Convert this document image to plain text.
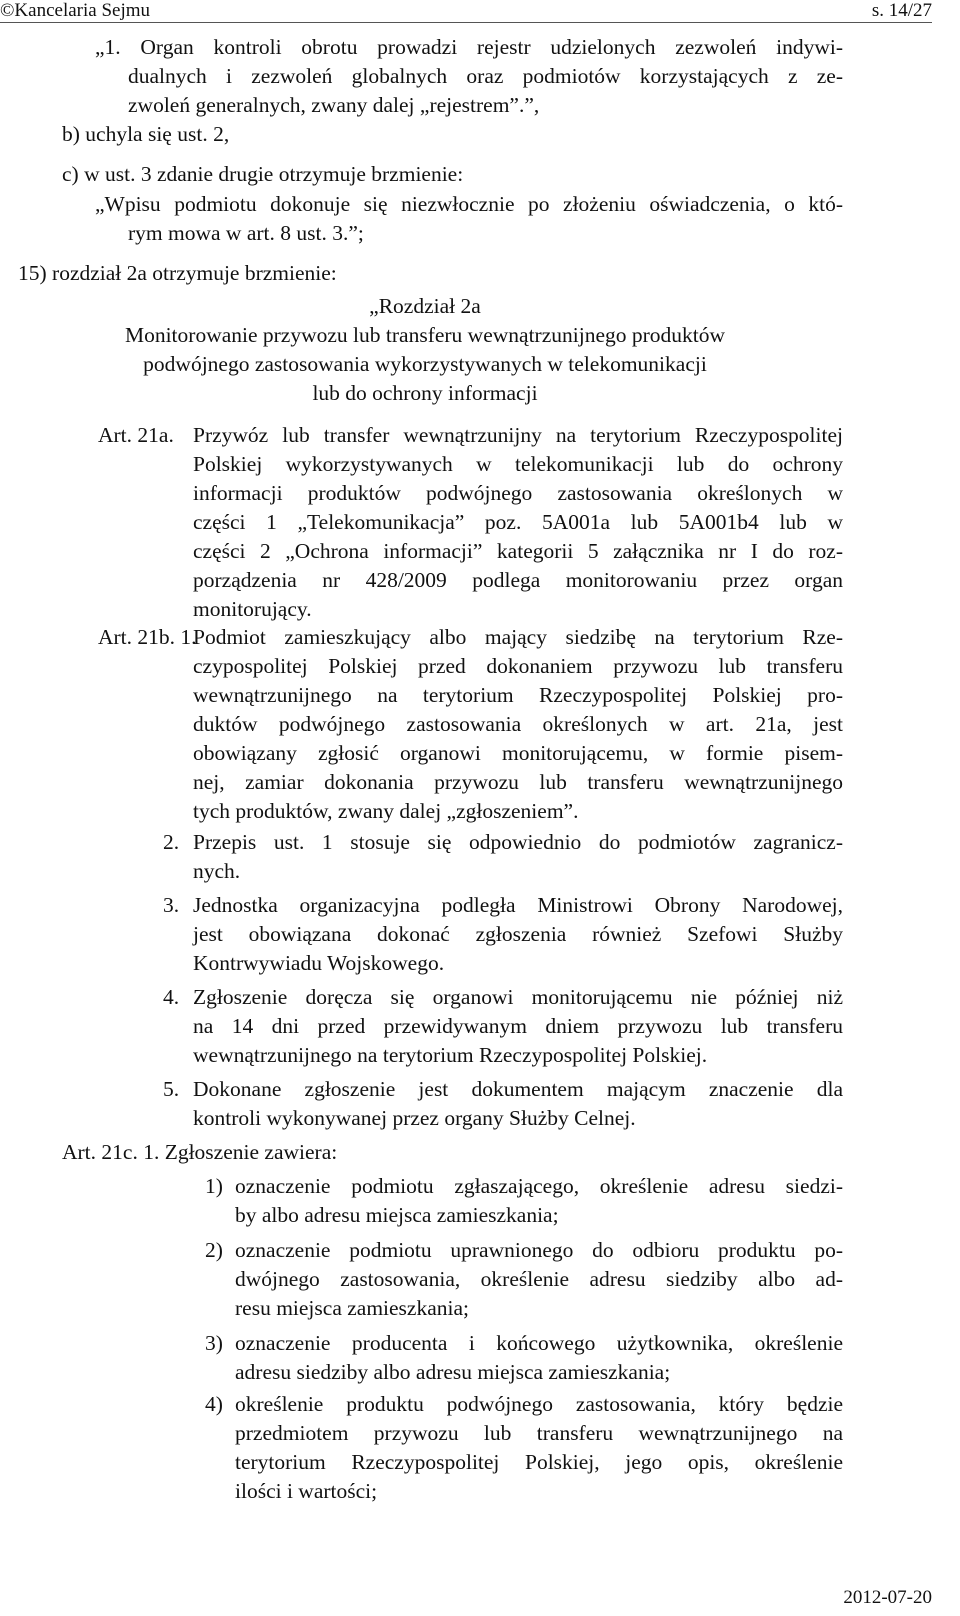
©Kancelaria Sejmu	s. 14/27
„1. Organ kontroli obrotu prowadzi rejestr udzielonych zezwoleń indywi-
dualnych i zezwoleń globalnych oraz podmiotów korzystających z ze-
zwoleń generalnych, zwany dalej „rejestrem”.”,
b) uchyla się ust. 2,
c) w ust. 3 zdanie drugie otrzymuje brzmienie:
„Wpisu podmiotu dokonuje się niezwłocznie po złożeniu oświadczenia, o któ-
rym mowa w art. 8 ust. 3.”;
15) rozdział 2a otrzymuje brzmienie:
„Rozdział 2a
Monitorowanie przywozu lub transferu wewnątrzunijnego produktów
podwójnego zastosowania wykorzystywanych w telekomunikacji
lub do ochrony informacji
Art. 21a. Przywóz lub transfer wewnątrzunijny na terytorium Rzeczypospolitej
Polskiej wykorzystywanych w telekomunikacji lub do ochrony
informacji produktów podwójnego zastosowania określonych w
części 1 „Telekomunikacja” poz. 5A001a lub 5A001b4 lub w
części 2 „Ochrona informacji” kategorii 5 załącznika nr I do roz-
porządzenia nr 428/2009 podlega monitorowaniu przez organ
monitorujący.
Art. 21b. 1.
Podmiot zamieszkujący albo mający siedzibę na terytorium Rze-
czypospolitej Polskiej przed dokonaniem przywozu lub transferu
wewnątrzunijnego na terytorium Rzeczypospolitej Polskiej pro-
duktów podwójnego zastosowania określonych w art. 21a, jest
obowiązany zgłosić organowi monitorującemu, w formie pisem-
nej, zamiar dokonania przywozu lub transferu wewnątrzunijnego
tych produktów, zwany dalej „zgłoszeniem”.
2. Przepis ust. 1 stosuje się odpowiednio do podmiotów zagranicz-
nych.
3. Jednostka organizacyjna podległa Ministrowi Obrony Narodowej,
jest obowiązana dokonać zgłoszenia również Szefowi Służby
Kontrwywiadu Wojskowego.
4. Zgłoszenie doręcza się organowi monitorującemu nie później niż
na 14 dni przed przewidywanym dniem przywozu lub transferu
wewnątrzunijnego na terytorium Rzeczypospolitej Polskiej.
5. Dokonane zgłoszenie jest dokumentem mającym znaczenie dla
kontroli wykonywanej przez organy Służby Celnej.
Art. 21c. 1. Zgłoszenie zawiera:
1) oznaczenie podmiotu zgłaszającego, określenie adresu siedzi-
by albo adresu miejsca zamieszkania;
2) oznaczenie podmiotu uprawnionego do odbioru produktu po-
dwójnego zastosowania, określenie adresu siedziby albo ad-
resu miejsca zamieszkania;
3) oznaczenie producenta i końcowego użytkownika, określenie
adresu siedziby albo adresu miejsca zamieszkania;
4) określenie produktu podwójnego zastosowania, który będzie
przedmiotem przywozu lub transferu wewnątrzunijnego na
terytorium Rzeczypospolitej Polskiej, jego opis, określenie
ilości i wartości;
2012-07-20
